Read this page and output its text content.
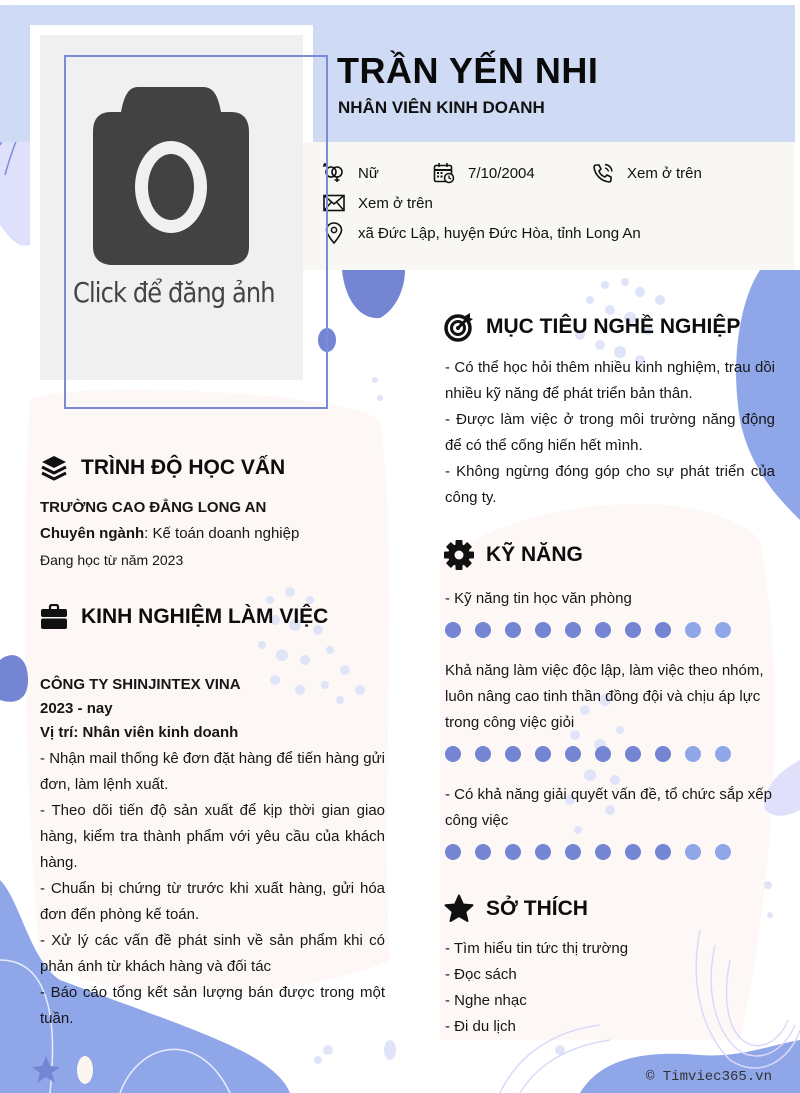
Click để đăng ảnh
TRẦN YẾN NHI
NHÂN VIÊN KINH DOANH
Nữ	7/10/2004	Xem ở trên
Xem ở trên
xã Đức Lập, huyện Đức Hòa, tỉnh Long An
MỤC TIÊU NGHỀ NGHIỆP
- Có thể học hỏi thêm nhiều kinh nghiệm, trau dồi nhiều kỹ năng để phát triển bản thân.
- Được làm việc ở trong môi trường năng động để có thể cống hiến hết mình.
- Không ngừng đóng góp cho sự phát triển của công ty.
KỸ NĂNG
- Kỹ năng tin học văn phòng
Khả năng làm việc độc lập, làm việc theo nhóm, luôn nâng cao tinh thần đồng đội và chịu áp lực trong công việc giỏi
- Có khả năng giải quyết vấn đề, tổ chức sắp xếp công việc
SỞ THÍCH
- Tìm hiểu tin tức thị trường
- Đọc sách
- Nghe nhạc
- Đi du lịch
TRÌNH ĐỘ HỌC VẤN
TRƯỜNG CAO ĐẲNG LONG AN
Chuyên ngành: Kế toán doanh nghiệp
Đang học từ năm 2023
KINH NGHIỆM LÀM VIỆC
CÔNG TY SHINJINTEX VINA
2023 - nay
Vị trí: Nhân viên kinh doanh
- Nhận mail thống kê đơn đặt hàng để tiến hàng gửi đơn, làm lệnh xuất.
- Theo dõi tiến độ sản xuất để kịp thời gian giao hàng, kiểm tra thành phẩm với yêu cầu của khách hàng.
- Chuẩn bị chứng từ trước khi xuất hàng, gửi hóa đơn đến phòng kế toán.
- Xử lý các vấn đề phát sinh về sản phẩm khi có phản ánh từ khách hàng và đối tác
- Báo cáo tổng kết sản lượng bán được trong một tuần.
© Timviec365.vn
